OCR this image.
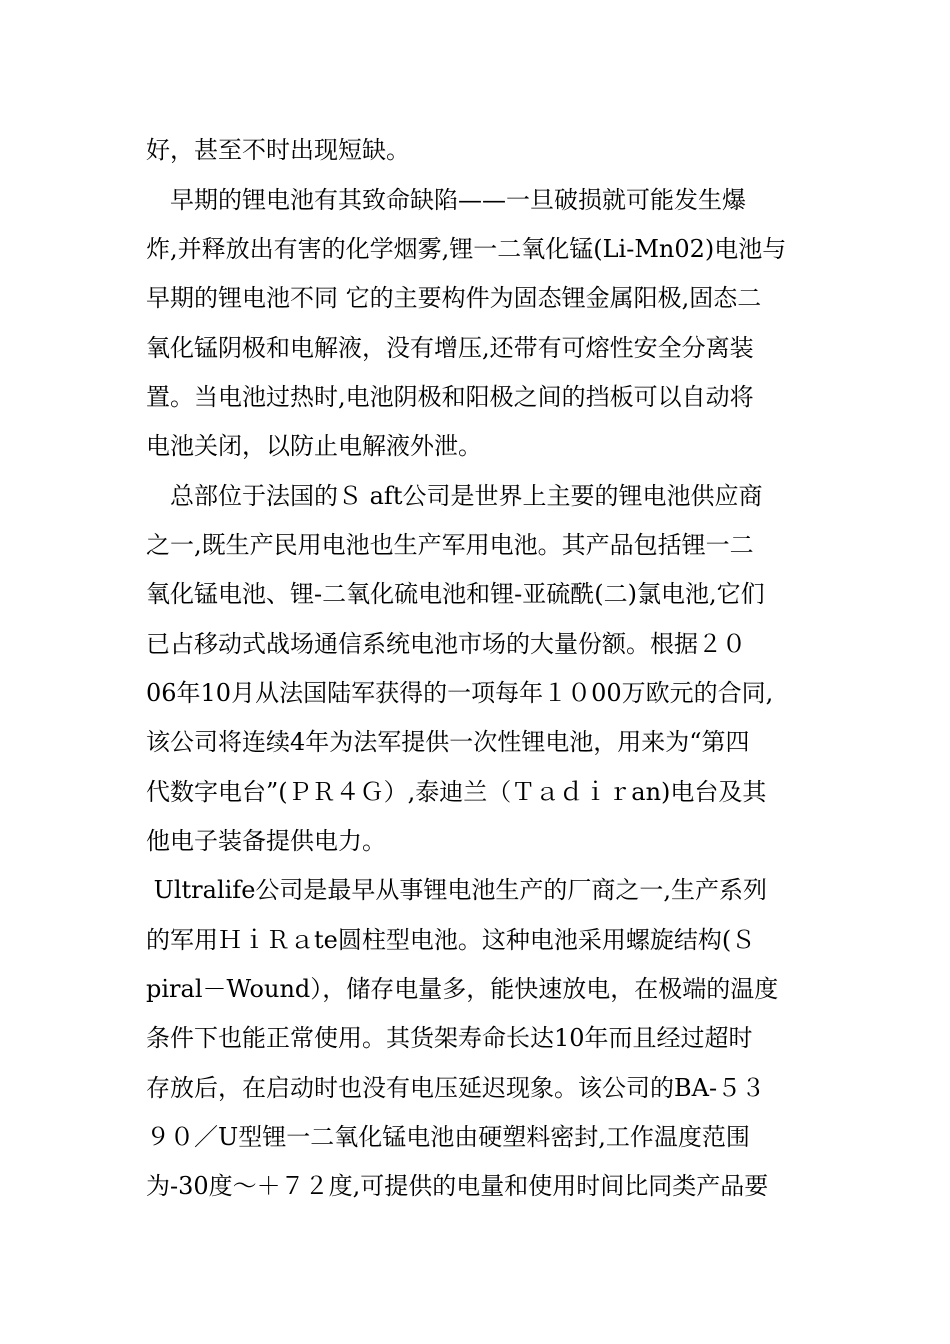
好，甚至不时出现短缺。
　早期的锂电池有其致命缺陷——一旦破损就可能发生爆
炸,并释放出有害的化学烟雾,锂一二氧化锰(Li-Mn02)电池与
早期的锂电池不同 它的主要构件为固态锂金属阳极,固态二
氧化锰阴极和电解液，没有增压,还带有可熔性安全分离装
置。当电池过热时,电池阴极和阳极之间的挡板可以自动将
电池关闭，以防止电解液外泄。
　总部位于法国的Ｓ aft公司是世界上主要的锂电池供应商
之一,既生产民用电池也生产军用电池。其产品包括锂一二
氧化锰电池、锂-二氧化硫电池和锂-亚硫酰(二)氯电池,它们
已占移动式战场通信系统电池市场的大量份额。根据２０
06年10月从法国陆军获得的一项每年１０00万欧元的合同,
该公司将连续4年为法军提供一次性锂电池，用来为“第四
代数字电台”(ＰＲ４Ｇ）,泰迪兰（Ｔａｄｉｒan)电台及其
他电子装备提供电力。
Ultralife公司是最早从事锂电池生产的厂商之一,生产系列
的军用ＨｉＲａte圆柱型电池。这种电池采用螺旋结构(Ｓ
piral－Wound），储存电量多，能快速放电，在极端的温度
条件下也能正常使用。其货架寿命长达10年而且经过超时
存放后，在启动时也没有电压延迟现象。该公司的BA-５３
９０／U型锂一二氧化锰电池由硬塑料密封,工作温度范围
为-30度～＋７２度,可提供的电量和使用时间比同类产品要
